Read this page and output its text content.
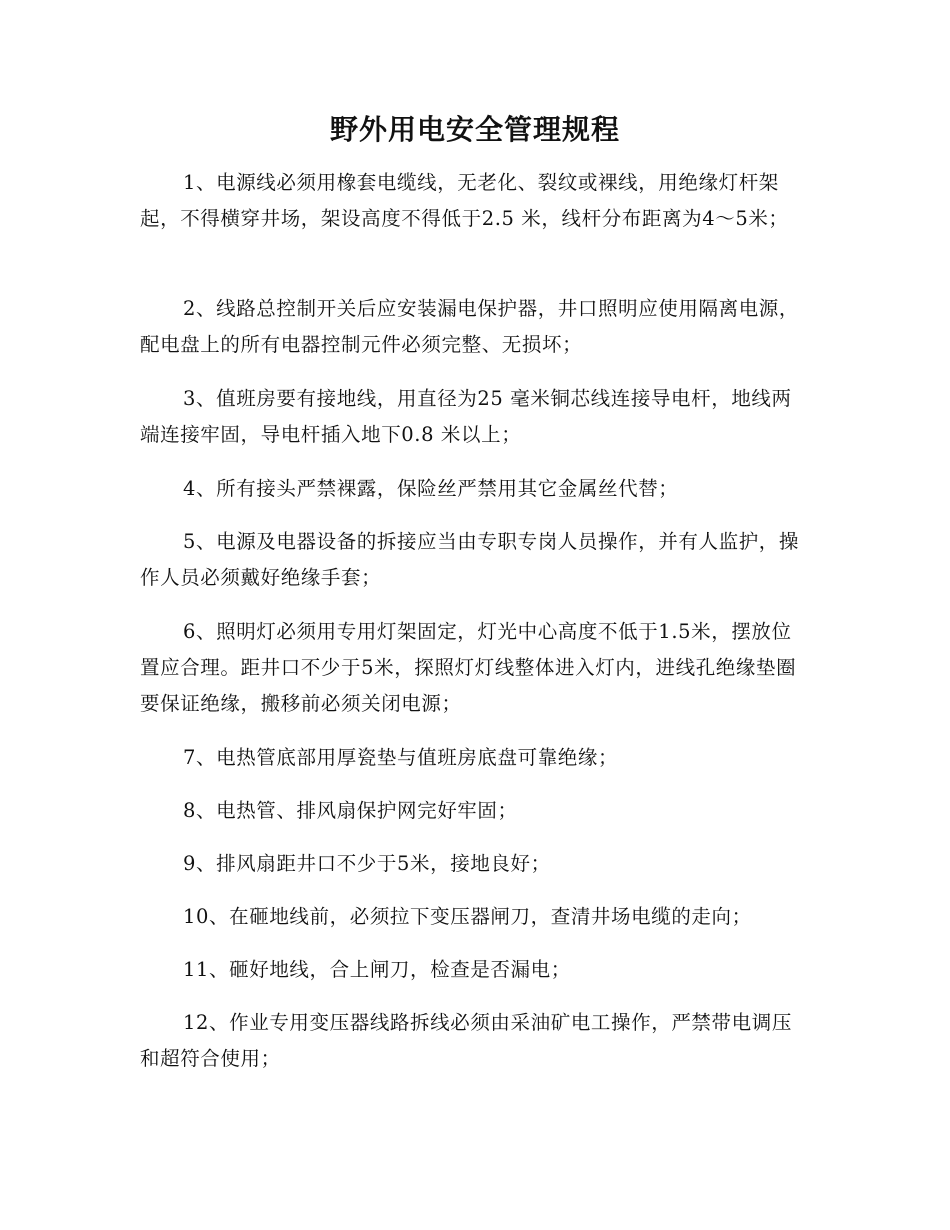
野外用电安全管理规程
1、电源线必须用橡套电缆线，无老化、裂纹或裸线，用绝缘灯杆架起，不得横穿井场，架设高度不得低于2.5 米，线杆分布距离为4～5米；
2、线路总控制开关后应安装漏电保护器，井口照明应使用隔离电源，配电盘上的所有电器控制元件必须完整、无损坏；
3、值班房要有接地线，用直径为25 毫米铜芯线连接导电杆，地线两端连接牢固，导电杆插入地下0.8 米以上；
4、所有接头严禁裸露，保险丝严禁用其它金属丝代替；
5、电源及电器设备的拆接应当由专职专岗人员操作，并有人监护，操作人员必须戴好绝缘手套；
6、照明灯必须用专用灯架固定，灯光中心高度不低于1.5米，摆放位置应合理。距井口不少于5米，探照灯灯线整体进入灯内，进线孔绝缘垫圈要保证绝缘，搬移前必须关闭电源；
7、电热管底部用厚瓷垫与值班房底盘可靠绝缘；
8、电热管、排风扇保护网完好牢固；
9、排风扇距井口不少于5米，接地良好；
10、在砸地线前，必须拉下变压器闸刀，查清井场电缆的走向；
11、砸好地线，合上闸刀，检查是否漏电；
12、作业专用变压器线路拆线必须由采油矿电工操作，严禁带电调压和超符合使用；
